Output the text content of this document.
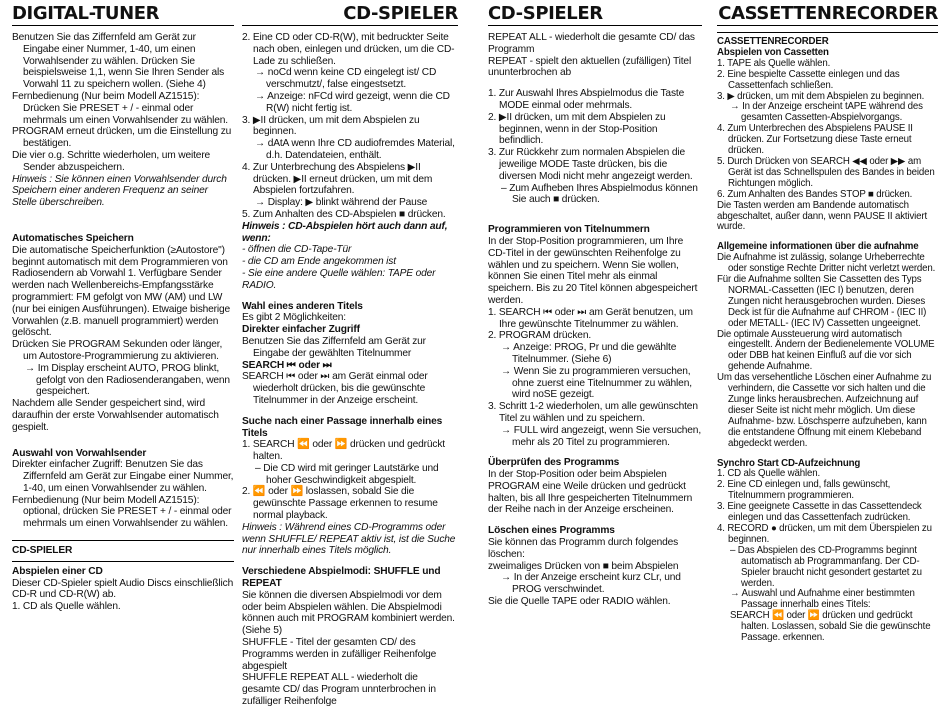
DIGITAL-TUNER

Benutzen Sie das Ziffernfeld am Gerät zur Eingabe einer Nummer, 1-40, um einen Vorwahlsender zu wählen. Drücken Sie beispielsweise 1,1, wenn Sie Ihren Sender als Vorwahl 11 zu speichern wollen. (Siehe 4)

Fernbedienung (Nur beim Modell AZ1515): Drücken Sie PRESET + / - einmal oder mehrmals um einen Vorwahlsender zu wählen.

PROGRAM erneut drücken, um die Einstellung zu bestätigen.

Die vier o.g. Schritte wiederholen, um weitere Sender abzuspeichern.

Hinweis : Sie können einen Vorwahlsender durch Speichern einer anderen Frequenz an seiner Stelle überschreiben.

Automatisches Speichern

Die automatische Speicherfunktion (≥Autostore") beginnt automatisch mit dem Programmieren von Radiosendern ab Vorwahl 1. Verfügbare Sender werden nach Wellenbereichs-Empfangsstärke programmiert: FM gefolgt von MW (AM) und LW (nur bei einigen Ausführungen). Etwaige bisherige Vorwahlen (z.B. manuell programmiert) werden gelöscht.

Drücken Sie PROGRAM Sekunden oder länger, um Autostore-Programmierung zu aktivieren.

→ Im Display erscheint AUTO, PROG blinkt, gefolgt von den Radiosenderangaben, wenn gespeichert.

Nachdem alle Sender gespeichert sind, wird daraufhin der erste Vorwahlsender automatisch gespielt.

Auswahl von Vorwahlsender

Direkter einfacher Zugriff: Benutzen Sie das Ziffernfeld am Gerät zur Eingabe einer Nummer, 1-40, um einen Vorwahlsender zu wählen.

Fernbedienung (Nur beim Modell AZ1515): optional, drücken Sie PRESET + / - einmal oder mehrmals um einen Vorwahlsender zu wählen.

CD-SPIELER

Abspielen einer CD

Dieser CD-Spieler spielt Audio Discs einschließlich CD-R und CD-R(W) ab.

1. CD als Quelle wählen.

CD-SPIELER

2. Eine CD oder CD-R(W), mit bedruckter Seite nach oben, einlegen und drücken, um die CD-Lade zu schließen.

→ noCd wenn keine CD eingelegt ist/ CD verschmutzt/, false eingestsetzt.

→ Anzeige: nFCd wird gezeigt, wenn die CD R(W) nicht fertig ist.

3. ▶II drücken, um mit dem Abspielen zu beginnen.

→ dAtA wenn Ihre CD audiofremdes Material, d.h. Datendateien, enthält.

4. Zur Unterbrechung des Abspielens ▶II drücken. ▶II erneut drücken, um mit dem Abspielen fortzufahren.

→ Display: ▶ blinkt während der Pause

5. Zum Anhalten des CD-Abspielen ■ drücken.

Hinweis : CD-Abspielen hört auch dann auf, wenn:

- öffnen die CD-Tape-Tür

- die CD am Ende angekommen ist

- Sie eine andere Quelle wählen: TAPE oder RADIO.

Wahl eines anderen Titels

Es gibt 2 Möglichkeiten:

Direkter einfacher Zugriff

Benutzen Sie das Ziffernfeld am Gerät zur Eingabe der gewählten Titelnummer

SEARCH ⏮ oder ⏭

SEARCH ⏮ oder ⏭ am Gerät einmal oder wiederholt drücken, bis die gewünschte Titelnummer in der Anzeige erscheint.

Suche nach einer Passage innerhalb eines Titels

1. SEARCH ⏪ oder ⏩ drücken und gedrückt halten.

– Die CD wird mit geringer Lautstärke und hoher Geschwindigkeit abgespielt.

2. ⏪ oder ⏩ loslassen, sobald Sie die gewünschte Passage erkennen to resume normal playback.

Hinweis : Während eines CD-Programms oder wenn SHUFFLE/ REPEAT aktiv ist, ist die Suche nur innerhalb eines Titels möglich.

Verschiedene Abspielmodi: SHUFFLE und REPEAT

Sie können die diversen Abspielmodi vor dem oder beim Abspielen wählen. Die Abspielmodi können auch mit PROGRAM kombiniert werden. (Siehe 5)

SHUFFLE - Titel der gesamten CD/ des Programms werden in zufälliger Reihenfolge abgespielt

SHUFFLE REPEAT ALL - wiederholt die gesamte CD/ das Program unnterbrochen in zufälliger Reihenfolge

CD-SPIELER

REPEAT ALL - wiederholt die gesamte CD/ das Programm

REPEAT - spielt den aktuellen (zufälligen) Titel ununterbrochen ab

1. Zur Auswahl Ihres Abspielmodus die Taste MODE einmal oder mehrmals.

2. ▶II drücken, um mit dem Abspielen zu beginnen, wenn in der Stop-Position befindlich.

3. Zur Rückkehr zum normalen Abspielen die jeweilige MODE Taste drücken, bis die diversen Modi nicht mehr angezeigt werden.

– Zum Aufheben Ihres Abspielmodus können Sie auch ■ drücken.

Programmieren von Titelnummern

In der Stop-Position programmieren, um Ihre CD-Titel in der gewünschten Reihenfolge zu wählen und zu speichern. Wenn Sie wollen, können Sie einen Titel mehr als einmal speichern. Bis zu 20 Titel können abgespeichert werden.

1. SEARCH ⏮ oder ⏭ am Gerät benutzen, um Ihre gewünschte Titelnummer zu wählen.

2. PROGRAM drücken.

→ Anzeige: PROG, Pr und die gewählte Titelnummer. (Siehe 6)

→ Wenn Sie zu programmieren versuchen, ohne zuerst eine Titelnummer zu wählen, wird noSE gezeigt.

3. Schritt 1-2 wiederholen, um alle gewünschten Titel zu wählen und zu speichern.

→ FULL wird angezeigt, wenn Sie versuchen, mehr als 20 Titel zu programmieren.

Überprüfen des Programms

In der Stop-Position oder beim Abspielen PROGRAM eine Weile drücken und gedrückt halten, bis all Ihre gespeicherten Titelnummern der Reihe nach in der Anzeige erscheinen.

Löschen eines Programms

Sie können das Programm durch folgendes löschen:

zweimaliges Drücken von ■ beim Abspielen

→ In der Anzeige erscheint kurz CLr, und PROG verschwindet.

Sie die Quelle TAPE oder RADIO wählen.

CASSETTENRECORDER

CASSETTENRECORDER

Abspielen von Cassetten

1. TAPE als Quelle wählen.

2. Eine bespielte Cassette einlegen und das Cassettenfach schließen.

3. ▶ drücken, um mit dem Abspielen zu beginnen.

→ In der Anzeige erscheint tAPE während des gesamten Cassetten-Abspielvorgangs.

4. Zum Unterbrechen des Abspielens PAUSE II drücken. Zur Fortsetzung diese Taste erneut drücken.

5. Durch Drücken von SEARCH ◀◀ oder ▶▶ am Gerät ist das Schnellspulen des Bandes in beiden Richtungen möglich.

6. Zum Anhalten des Bandes STOP ■ drücken.

Die Tasten werden am Bandende automatisch abgeschaltet, außer dann, wenn PAUSE II aktiviert wurde.

Allgemeine informationen über die aufnahme

Die Aufnahme ist zulässig, solange Urheberrechte oder sonstige Rechte Dritter nicht verletzt werden.

Für die Aufnahme sollten Sie Cassetten des Typs NORMAL-Cassetten (IEC I) benutzen, deren Zungen nicht herausgebrochen wurden. Dieses Deck ist für die Aufnahme auf CHROM - (IEC II) oder METALL- (IEC IV) Cassetten ungeeignet.

Die optimale Aussteuerung wird automatisch eingestellt. Ändern der Bedienelemente VOLUME oder DBB hat keinen Einfluß auf die vor sich gehende Aufnahme.

Um das versehentliche Löschen einer Aufnahme zu verhindern, die Cassette vor sich halten und die Zunge links herausbrechen. Aufzeichnung auf dieser Seite ist nicht mehr möglich. Um diese Aufnahme- bzw. Löschsperre aufzuheben, kann die entstandene Öffnung mit einem Klebeband abgedeckt werden.

Synchro Start CD-Aufzeichnung

1. CD als Quelle wählen.

2. Eine CD einlegen und, falls gewünscht, Titelnummern programmieren.

3. Eine geeignete Cassette in das Cassettendeck einlegen und das Cassettenfach zudrücken.

4. RECORD ● drücken, um mit dem Überspielen zu beginnen.

– Das Abspielen des CD-Programms beginnt automatisch ab Programmanfang. Der CD-Spieler braucht nicht gesondert gestartet zu werden.

→ Auswahl und Aufnahme einer bestimmten Passage innerhalb eines Titels:

SEARCH ⏪ oder ⏩ drücken und gedrückt halten. Loslassen, sobald Sie die gewünschte Passage. erkennen.
